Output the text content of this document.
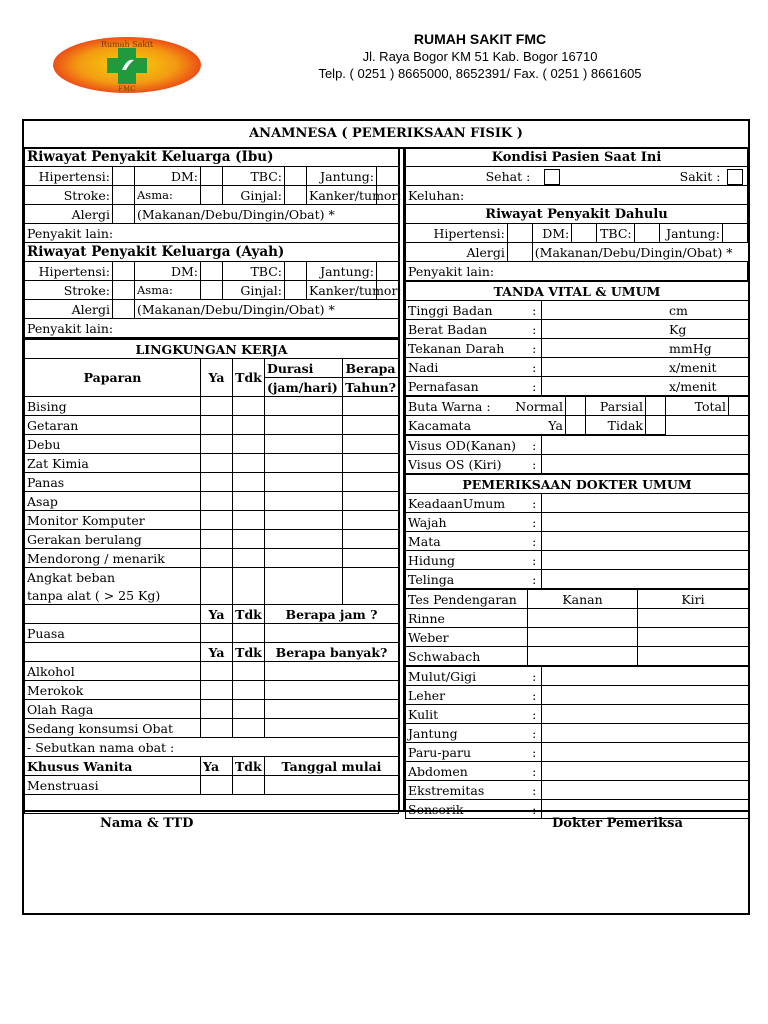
Rumah Sakit
FMC
RUMAH SAKIT FMC
Jl. Raya Bogor KM 51 Kab. Bogor 16710
Telp. ( 0251 ) 8665000, 8652391/ Fax. ( 0251 ) 8661605
ANAMNESA ( PEMERIKSAAN FISIK )
Riwayat Penyakit Keluarga (Ibu)							
Hipertensi:		DM:		TBC:		Jantung:	
Stroke:		Asma:		Ginjal:		Kanker/tumor:	
Alergi		(Makanan/Debu/Dingin/Obat) *					
Penyakit lain:							
Riwayat Penyakit Keluarga (Ayah)							
Hipertensi:		DM:		TBC:		Jantung:	
Stroke:		Asma:		Ginjal:		Kanker/tumor:	
Alergi		(Makanan/Debu/Dingin/Obat) *					
Penyakit lain:							
LINGKUNGAN KERJA				
Paparan	Ya	Tdk	Durasi	Berapa
			(jam/hari)	Tahun?
Bising				
Getaran				
Debu				
Zat Kimia				
Panas				
Asap				
Monitor Komputer				
Gerakan berulang				
Mendorong / menarik				
Angkat beban				
tanpa alat ( > 25 Kg)				
	Ya	Tdk	Berapa jam ?	
Puasa				
	Ya	Tdk	Berapa banyak?	
Alkohol				
Merokok				
Olah Raga				
Sedang konsumsi Obat				
- Sebutkan nama obat :				
Khusus Wanita	Ya	Tdk	Tanggal mulai	
Menstruasi				

Kondisi Pasien Saat Ini							
Sehat :			Sakit :				
Keluhan:							
Riwayat Penyakit Dahulu							
Hipertensi:		DM:		TBC:		Jantung:	
Alergi		(Makanan/Debu/Dingin/Obat) *					
Penyakit lain:							
TANDA VITAL & UMUM		
Tinggi Badan	:	cm
Berat Badan	:	Kg
Tekanan Darah	:	mmHg
Nadi	:	x/menit
Pernafasan	:	x/menit
Buta Warna :	Normal		Parsial		Total	
Kacamata	Ya		Tidak			
Visus OD(Kanan)	:	
Visus OS (Kiri)	:	
PEMERIKSAAN DOKTER UMUM		
KeadaanUmum	:	
Wajah	:	
Mata	:	
Hidung	:	
Telinga	:	
Tes Pendengaran	Kanan	Kiri
Rinne		
Weber		
Schwabach		
Mulut/Gigi	:	
Leher	:	
Kulit	:	
Jantung	:	
Paru-paru	:	
Abdomen	:	
Ekstremitas	:	
Sensorik	:	
Nama & TTD	Dokter Pemeriksa
